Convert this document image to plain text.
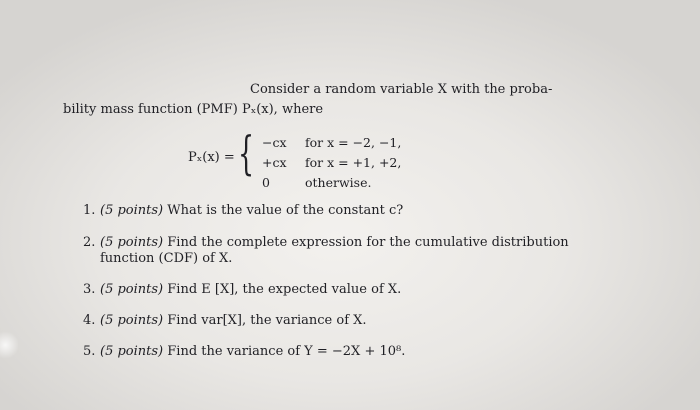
Consider a random variable X with the proba-
bility mass function (PMF) Pₓ(x), where
Pₓ(x) = { −cx
+cx
0
for x = −2, −1,
for x = +1, +2,
otherwise.
1. (5 points) What is the value of the constant c?
2. (5 points) Find the complete expression for the cumulative distribution
function (CDF) of X.
3. (5 points) Find E [X], the expected value of X.
4. (5 points) Find var[X], the variance of X.
5. (5 points) Find the variance of Y = −2X + 10⁸.
